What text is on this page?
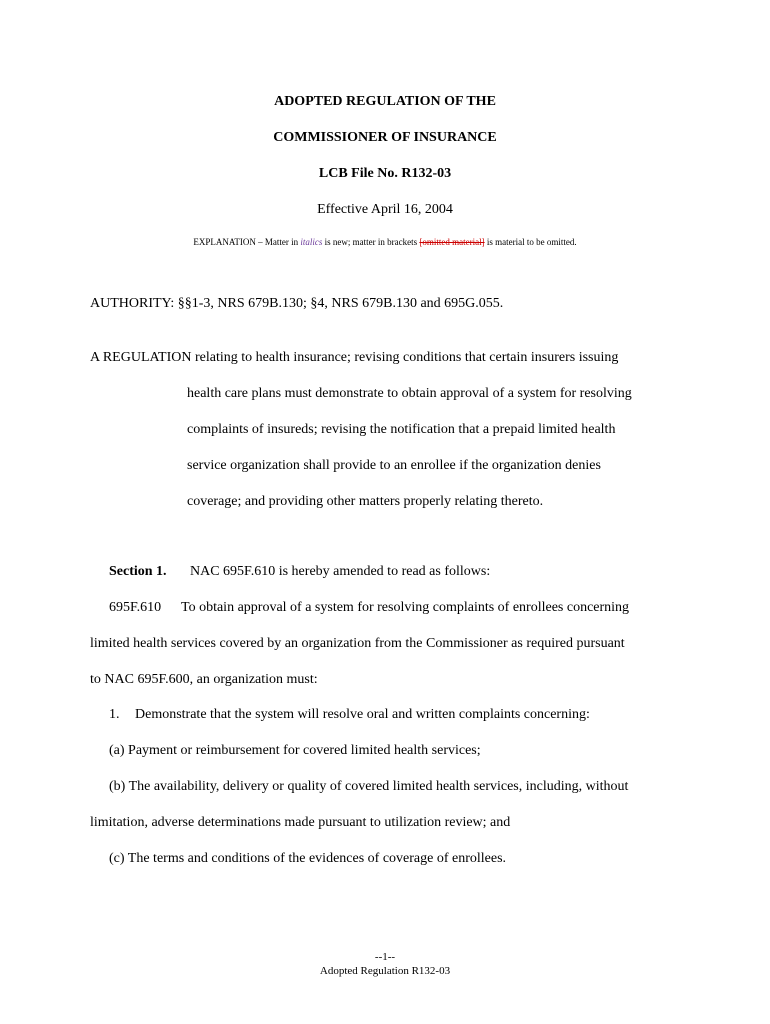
ADOPTED REGULATION OF THE
COMMISSIONER OF INSURANCE
LCB File No. R132-03
Effective April 16, 2004
EXPLANATION – Matter in italics is new; matter in brackets [omitted material] is material to be omitted.
AUTHORITY: §§1-3, NRS 679B.130; §4, NRS 679B.130 and 695G.055.
A REGULATION relating to health insurance; revising conditions that certain insurers issuing
health care plans must demonstrate to obtain approval of a system for resolving
complaints of insureds; revising the notification that a prepaid limited health
service organization shall provide to an enrollee if the organization denies
coverage; and providing other matters properly relating thereto.
Section 1. NAC 695F.610 is hereby amended to read as follows:
695F.610 To obtain approval of a system for resolving complaints of enrollees concerning
limited health services covered by an organization from the Commissioner as required pursuant
to NAC 695F.600, an organization must:
1. Demonstrate that the system will resolve oral and written complaints concerning:
(a) Payment or reimbursement for covered limited health services;
(b) The availability, delivery or quality of covered limited health services, including, without
limitation, adverse determinations made pursuant to utilization review; and
(c) The terms and conditions of the evidences of coverage of enrollees.
--1--
Adopted Regulation R132-03
